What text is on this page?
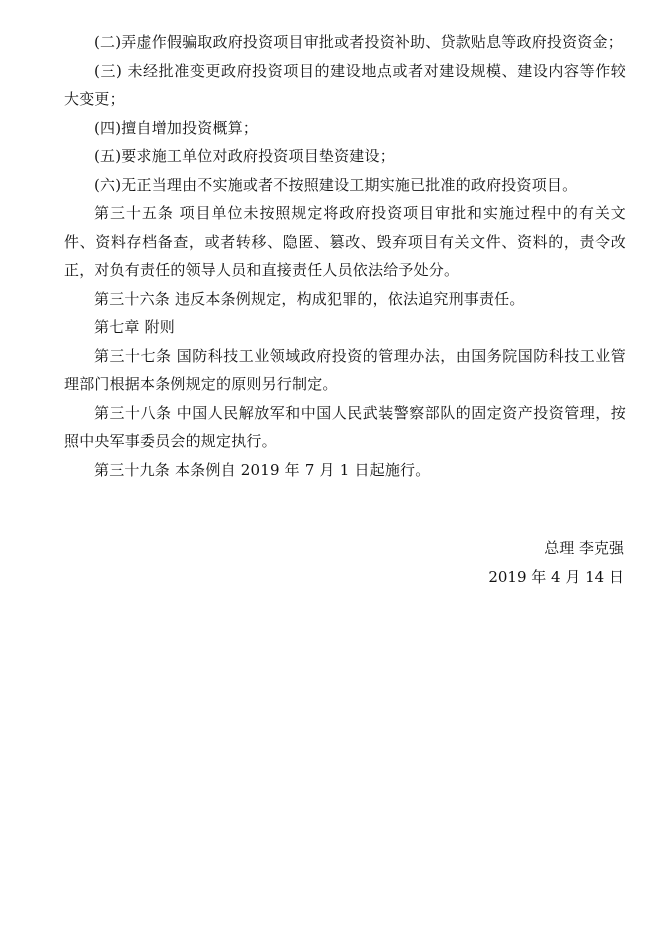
(二)弄虚作假骗取政府投资项目审批或者投资补助、贷款贴息等政府投资资金；

(三) 未经批准变更政府投资项目的建设地点或者对建设规模、建设内容等作较大变更；

(四)擅自增加投资概算；

(五)要求施工单位对政府投资项目垫资建设；

(六)无正当理由不实施或者不按照建设工期实施已批准的政府投资项目。

第三十五条 项目单位未按照规定将政府投资项目审批和实施过程中的有关文件、资料存档备查，或者转移、隐匿、篡改、毁弃项目有关文件、资料的，责令改正，对负有责任的领导人员和直接责任人员依法给予处分。

第三十六条 违反本条例规定，构成犯罪的，依法追究刑事责任。

第七章 附则

第三十七条 国防科技工业领域政府投资的管理办法，由国务院国防科技工业管理部门根据本条例规定的原则另行制定。

第三十八条 中国人民解放军和中国人民武装警察部队的固定资产投资管理，按照中央军事委员会的规定执行。

第三十九条 本条例自 2019 年 7 月 1 日起施行。

总理 李克强
2019 年 4 月 14 日
